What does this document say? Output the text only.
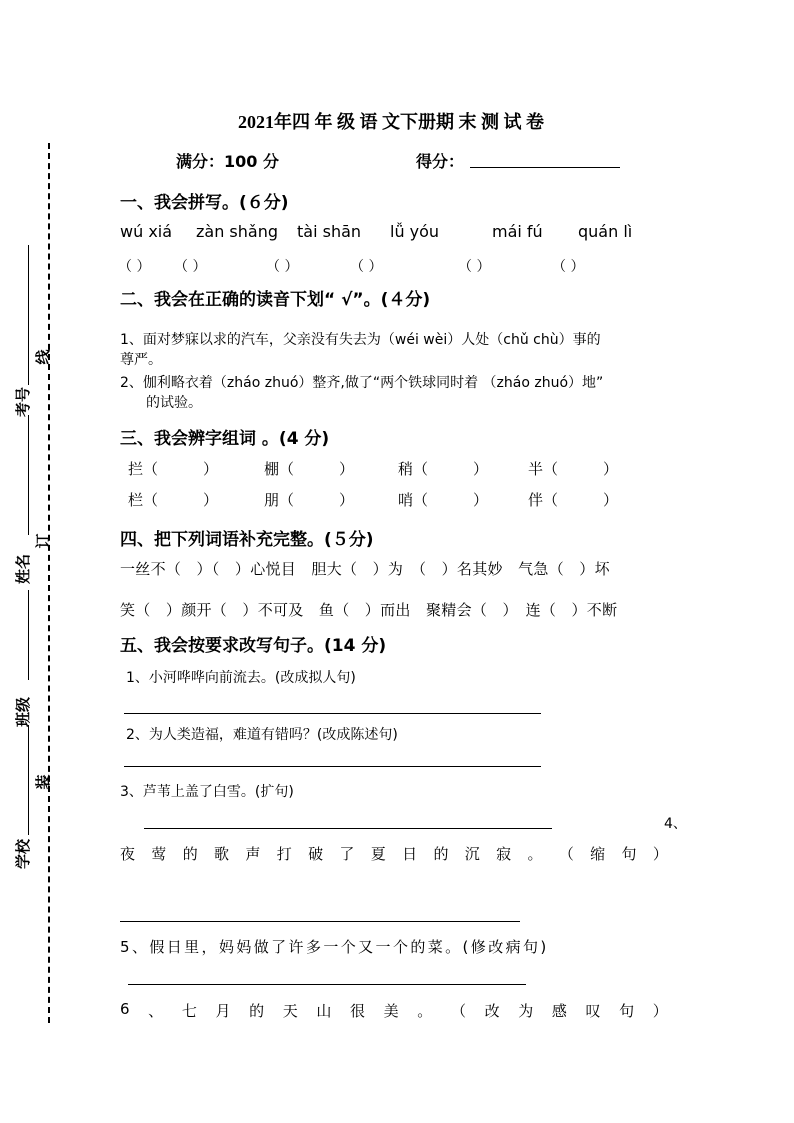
考号
姓名
班级
学校
线
订
装
2021年四 年 级 语 文下册期 末 测 试 卷
满分：100 分	得分：
一、我会拼写。(６分)
wú xiá zàn shǎng tài shān lǚ yóu	mái fú quán lì
（ ） （ ）	（ ）	（ ）	（ ）	（ ）
二、我会在正确的读音下划“ √”。(４分)
1、面对梦寐以求的汽车，父亲没有失去为（wéi wèi）人处（chǔ chù）事的
尊严。
2、伽利略衣着（zháo zhuó）整齐,做了“两个铁球同时着 （zháo zhuó）地”
的试验。
三、我会辨字组词 。(4 分)
拦（　　　）	棚（　　　）	稍（　　　）	半（　　　）
栏（　　　）	朋（　　　）	哨（　　　）	伴（　　　）
四、把下列词语补充完整。(５分)
一丝不（　）（　）心悦目　胆大（　）为　（　）名其妙　气急（　）坏
笑（　）颜开（　）不可及　鱼（　）而出　聚精会（　）　连（　）不断
五、我会按要求改写句子。(14 分)
1、小河哗哗向前流去。(改成拟人句)
2、为人类造福，难道有错吗？(改成陈述句)
3、芦苇上盖了白雪。(扩句)
4、
夜 莺 的 歌 声 打 破 了 夏 日 的 沉 寂 。 （ 缩 句 ）
5、假日里，妈妈做了许多一个又一个的菜。(修改病句)
6 、 七 月 的 天 山 很 美 。 （ 改 为 感 叹 句 ）
